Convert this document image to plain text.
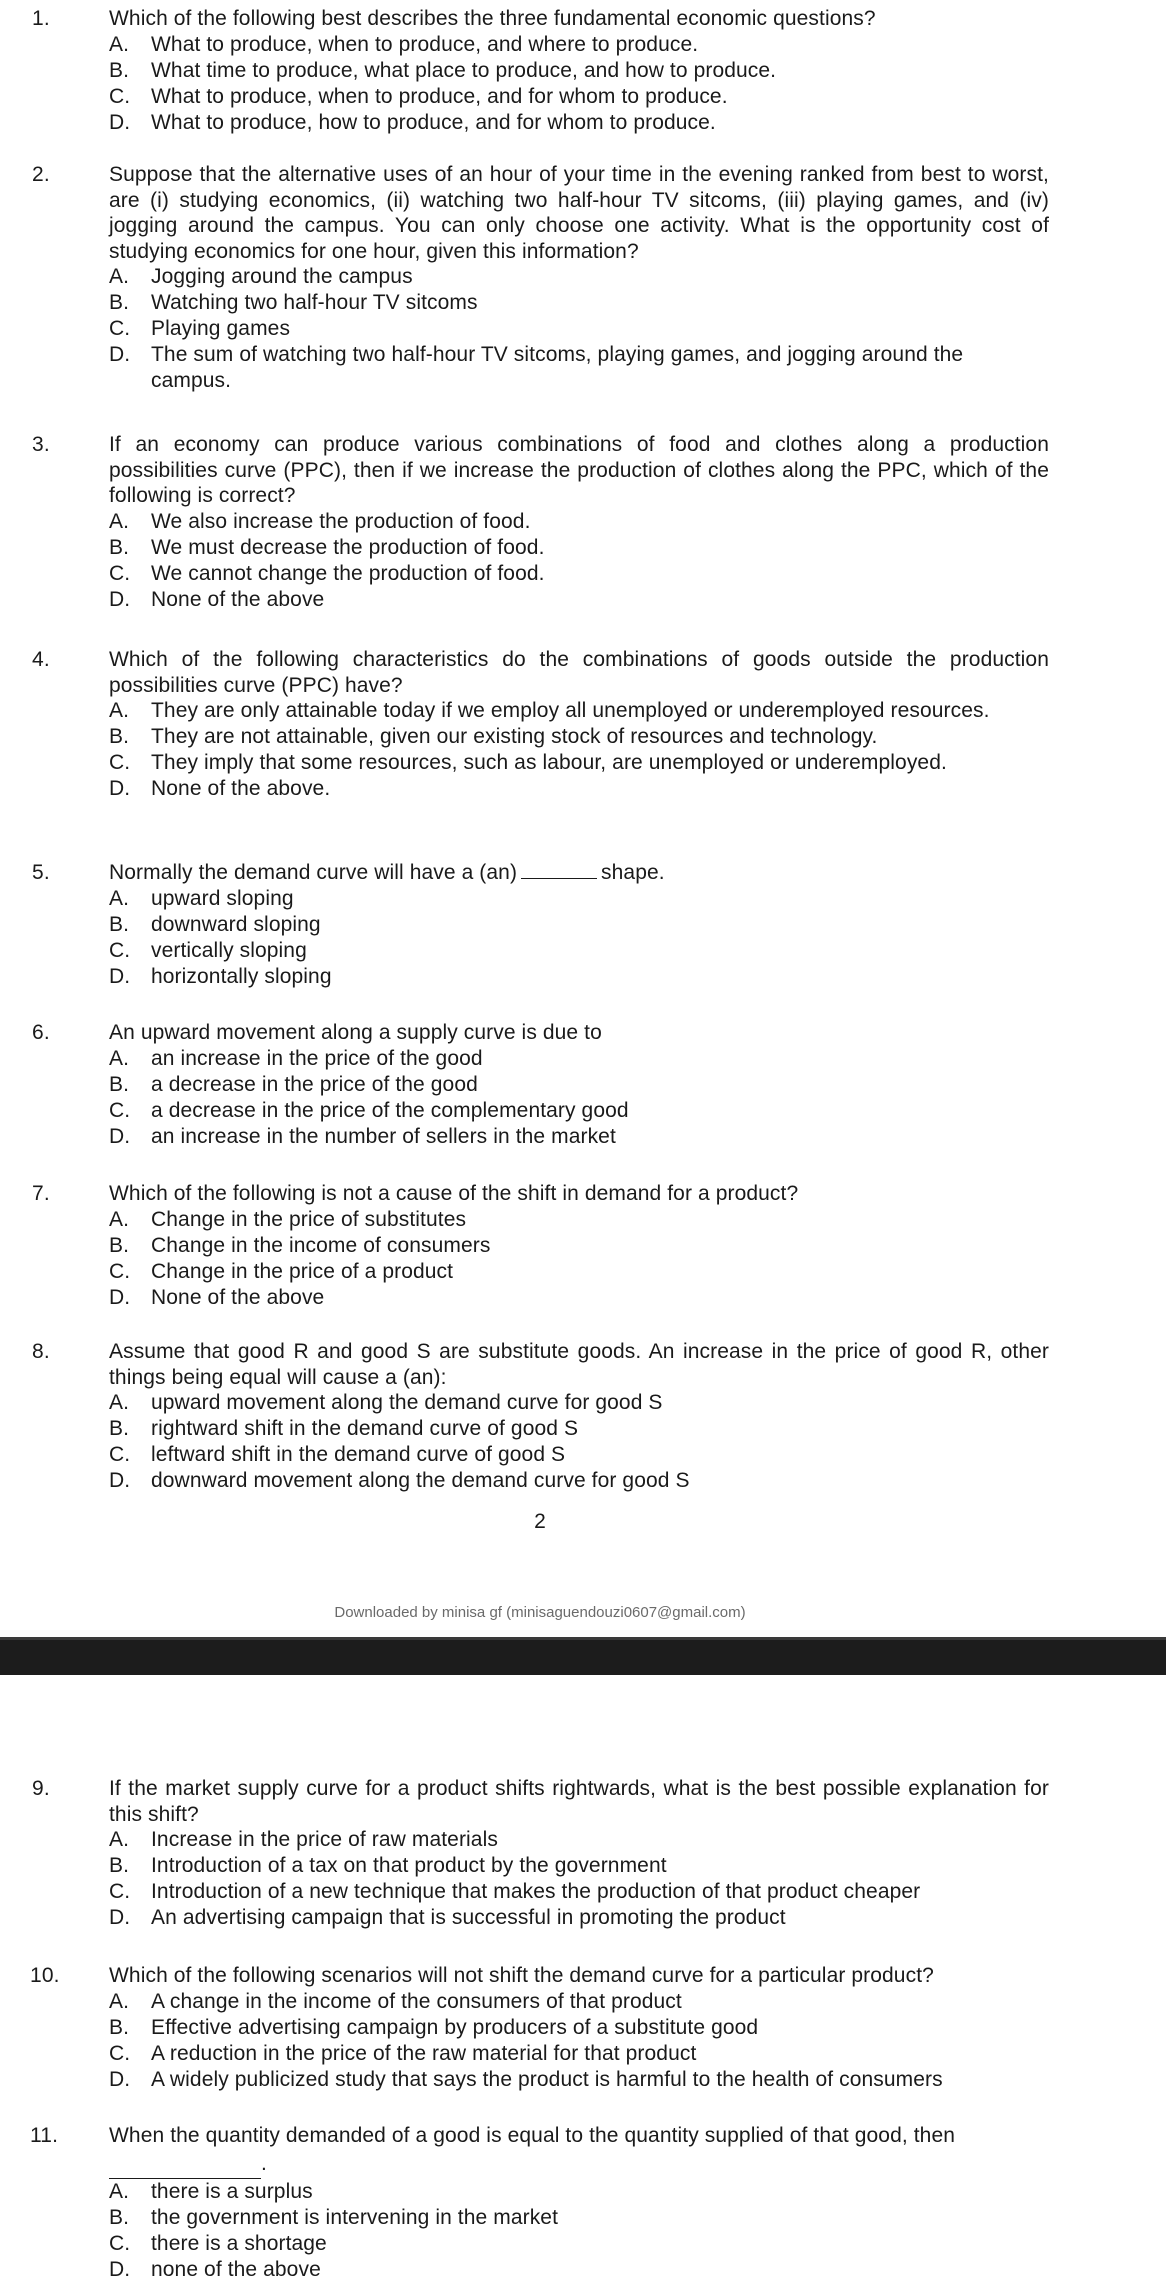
1.	Which of the following best describes the three fundamental economic questions?

A. What to produce, when to produce, and where to produce.
B. What time to produce, what place to produce, and how to produce.
C. What to produce, when to produce, and for whom to produce.
D. What to produce, how to produce, and for whom to produce.
2.	Suppose that the alternative uses of an hour of your time in the evening ranked from best to worst, are (i) studying economics, (ii) watching two half-hour TV sitcoms, (iii) playing games, and (iv) jogging around the campus. You can only choose one activity. What is the opportunity cost of studying economics for one hour, given this information?

A. Jogging around the campus
B. Watching two half-hour TV sitcoms
C. Playing games
D. The sum of watching two half-hour TV sitcoms, playing games, and jogging around the campus.
3.	If an economy can produce various combinations of food and clothes along a production possibilities curve (PPC), then if we increase the production of clothes along the PPC, which of the following is correct?

A. We also increase the production of food.
B. We must decrease the production of food.
C. We cannot change the production of food.
D. None of the above
4.	Which of the following characteristics do the combinations of goods outside the production possibilities curve (PPC) have?

A. They are only attainable today if we employ all unemployed or underemployed resources.
B. They are not attainable, given our existing stock of resources and technology.
C. They imply that some resources, such as labour, are unemployed or underemployed.
D. None of the above.
5.	Normally the demand curve will have a (an)	shape.

A. upward sloping
B. downward sloping
C. vertically sloping
D. horizontally sloping
6.	An upward movement along a supply curve is due to

A. an increase in the price of the good
B. a decrease in the price of the good
C. a decrease in the price of the complementary good
D. an increase in the number of sellers in the market
7.	Which of the following is not a cause of the shift in demand for a product?

A. Change in the price of substitutes
B. Change in the income of consumers
C. Change in the price of a product
D. None of the above
8.	Assume that good R and good S are substitute goods. An increase in the price of good R, other things being equal will cause a (an):

A. upward movement along the demand curve for good S
B. rightward shift in the demand curve of good S
C. leftward shift in the demand curve of good S
D. downward movement along the demand curve for good S
2
Downloaded by minisa gf (minisaguendouzi0607@gmail.com)
9.	If the market supply curve for a product shifts rightwards, what is the best possible explanation for this shift?

A. Increase in the price of raw materials
B. Introduction of a tax on that product by the government
C. Introduction of a new technique that makes the production of that product cheaper
D. An advertising campaign that is successful in promoting the product
10. Which of the following scenarios will not shift the demand curve for a particular product?

A. A change in the income of the consumers of that product
B. Effective advertising campaign by producers of a substitute good
C. A reduction in the price of the raw material for that product
D. A widely publicized study that says the product is harmful to the health of consumers
11. When the quantity demanded of a good is equal to the quantity supplied of that good, then

.

A. there is a surplus
B. the government is intervening in the market
C. there is a shortage
D. none of the above
